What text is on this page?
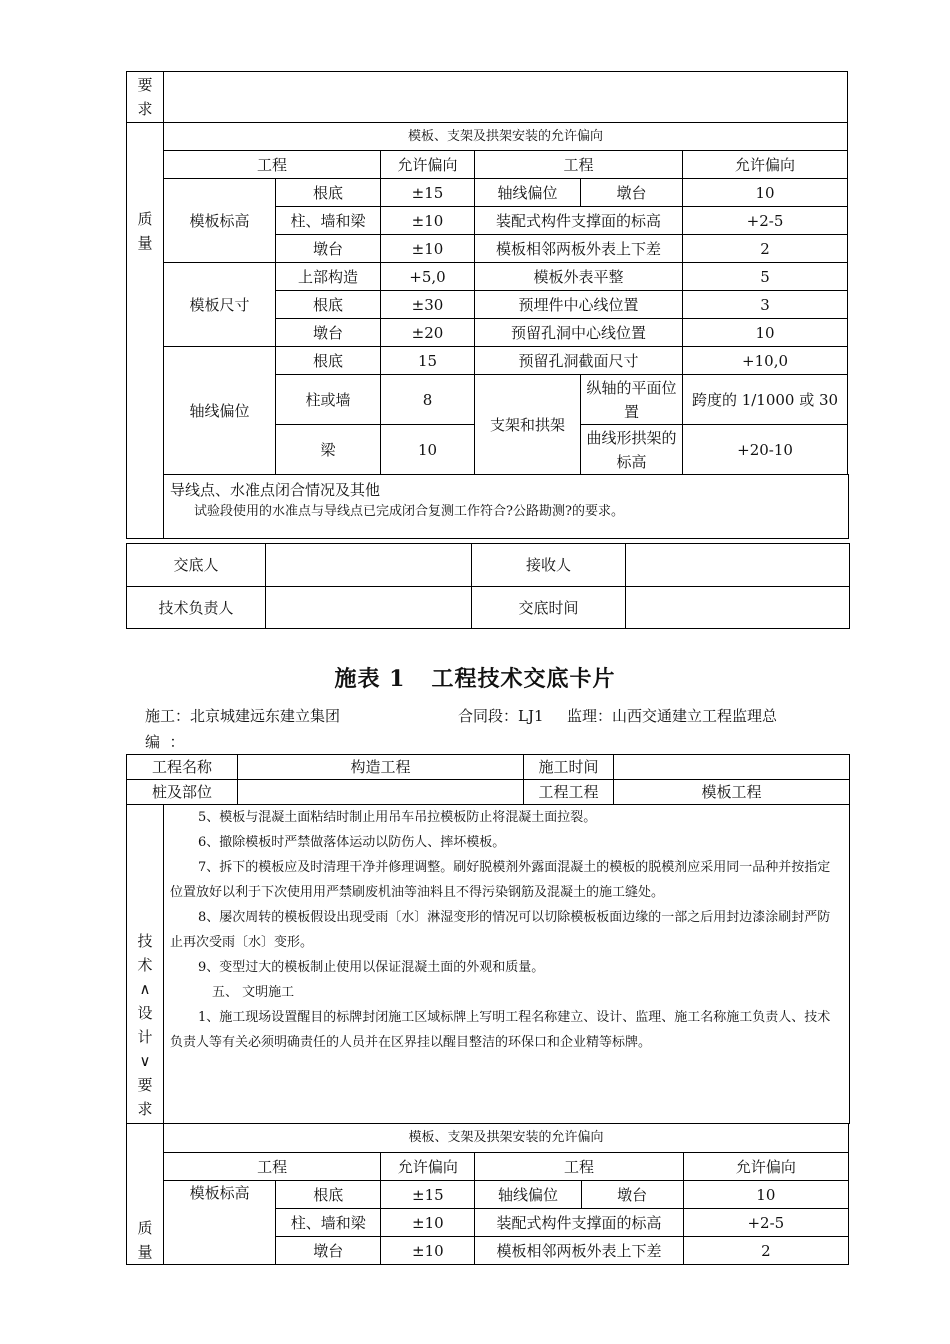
要
求						
质
量	模板、支架及拱架安装的允许偏向					
	工程		允许偏向	工程		允许偏向
	模板标高	根底	±15	轴线偏位	墩台	10
		柱、墙和梁	±10	装配式构件支撑面的标高		+2-5
		墩台	±10	模板相邻两板外表上下差		2
	模板尺寸	上部构造	+5,0	模板外表平整		5
		根底	±30	预埋件中心线位置		3
		墩台	±20	预留孔洞中心线位置		10
	轴线偏位	根底	15	预留孔洞截面尺寸		+10,0
		柱或墙	8	支架和拱架	纵轴的平面位置	跨度的 1/1000 或 30
		梁	10		曲线形拱架的标高	+20-10

	导线点、水准点闭合情况及其他
试验段使用的水准点与导线点已完成闭合复测工作符合?公路勘测?的要求。					
交底人		接收人	
技术负责人		交底时间	
施表 1   工程技术交底卡片
施工：北京城建远东建立集团	合同段：LJ1 监理：山西交通建立工程监理总
编  ：
工程名称	构造工程	施工时间	
桩及部位		工程工程	模板工程
技
术
∧
设
计
∨
要
求	

5、模板与混凝土面粘结时制止用吊车吊拉模板防止将混凝土面拉裂。

6、撤除模板时严禁做落体运动以防伤人、摔坏模板。

7、拆下的模板应及时清理干净并修理调整。刷好脱模剂外露面混凝土的模板的脱模剂应采用同一品种并按指定位置放好以利于下次使用用严禁刷废机油等油料且不得污染钢筋及混凝土的施工缝处。

8、屡次周转的模板假设出现受雨〔水〕淋湿变形的情况可以切除模板板面边缘的一部之后用封边漆涂刷封严防止再次受雨〔水〕变形。

9、变型过大的模板制止使用以保证混凝土面的外观和质量。

五、 文明施工

1、施工现场设置醒目的标牌封闭施工区域标牌上写明工程名称建立、设计、监理、施工名称施工负责人、技术负责人等有关必须明确责任的人员并在区界挂以醒目整洁的环保口和企业精等标牌。

质
量	模板、支架及拱架安装的允许偏向					
	工程		允许偏向	工程		允许偏向
	模板标高	根底	±15	轴线偏位	墩台	10
		柱、墙和梁	±10	装配式构件支撑面的标高		+2-5
		墩台	±10	模板相邻两板外表上下差		2
